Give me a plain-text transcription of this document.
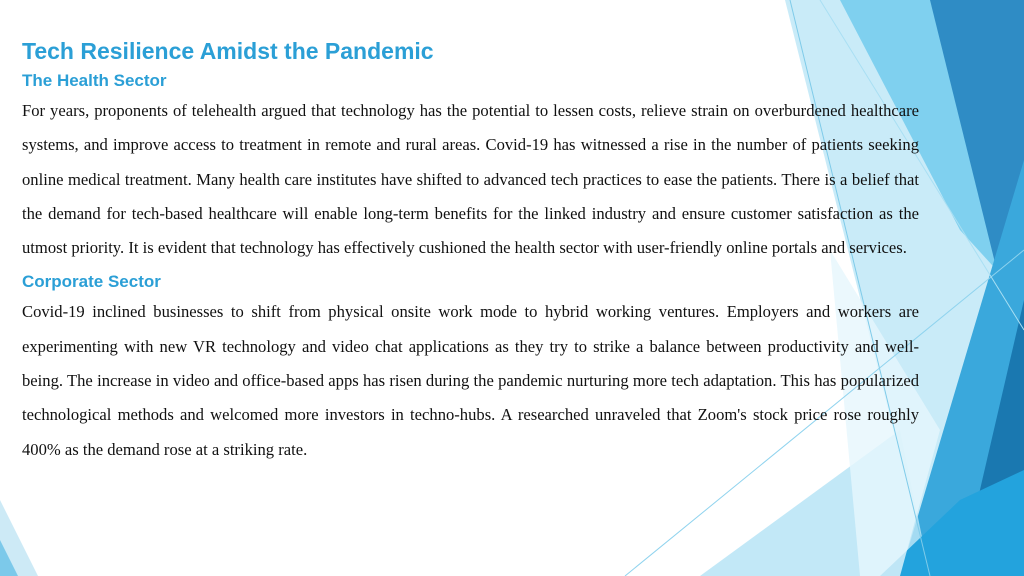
Tech Resilience Amidst the Pandemic
The Health Sector

For years, proponents of telehealth argued that technology has the potential to lessen costs, relieve strain on overburdened healthcare systems, and improve access to treatment in remote and rural areas. Covid-19 has witnessed a rise in the number of patients seeking online medical treatment. Many health care institutes have shifted to advanced tech practices to ease the patients. There is a belief that the demand for tech-based healthcare will enable long-term benefits for the linked industry and ensure customer satisfaction as the utmost priority. It is evident that technology has effectively cushioned the health sector with user-friendly online portals and services.

Corporate Sector

Covid-19 inclined businesses to shift from physical onsite work mode to hybrid working ventures. Employers and workers are experimenting with new VR technology and video chat applications as they try to strike a balance between productivity and well-being. The increase in video and office-based apps has risen during the pandemic nurturing more tech adaptation. This has popularized technological methods and welcomed more investors in techno-hubs. A researched unraveled that Zoom's stock price rose roughly 400% as the demand rose at a striking rate.
